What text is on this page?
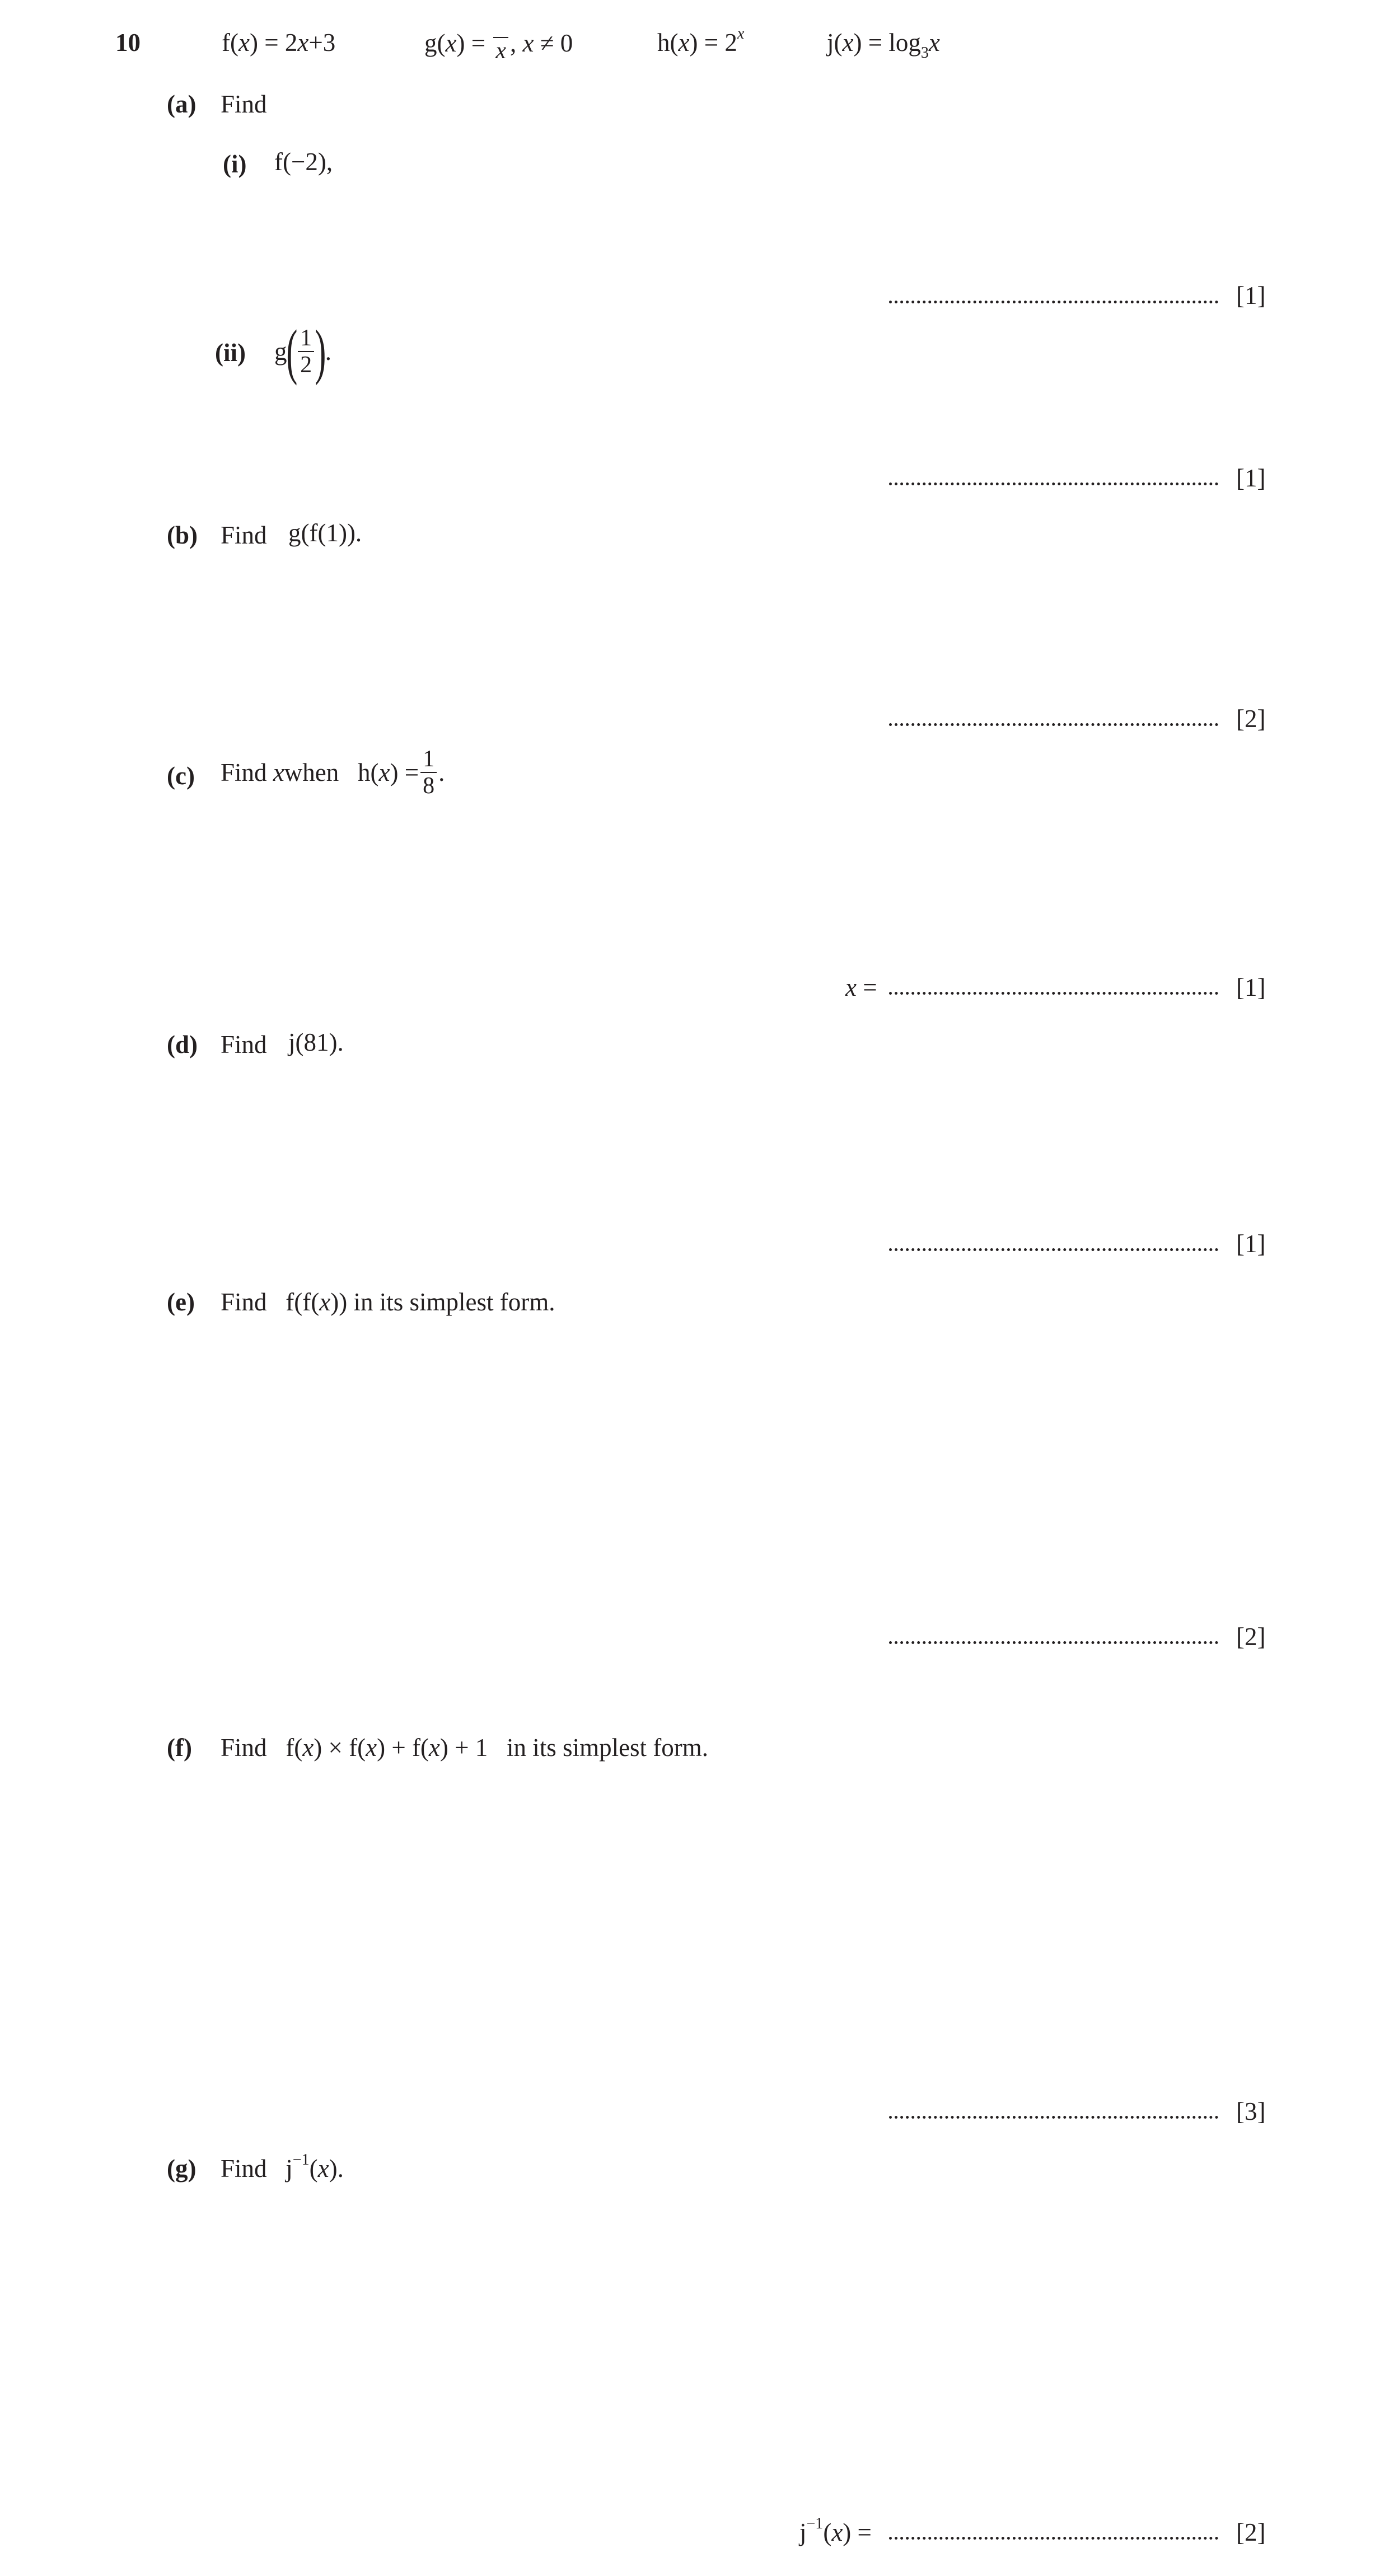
10	f(x) = 2x+3	g(x) = x , x ≠ 0	$h(x) = 2^x$	$j(x) = \log_3x$
(a) Find
(i) f(−2),
[1]
(ii) g
( $\frac{1}{2}$ )
.
[1]
(b) Find g(f(1)).
[2]
(c) Find
x when
h( x ) = $\frac{1}{8}$ .
x =	[1]
(d) Find j(81).
[1]
(e) Find f(f(x)) in its simplest form.
[2]
(f) Find f(x) × f(x) + f(x) + 1 in its simplest form.
[3]
(g) Find $j^{-1}(x)$.
$j^{-1}(x)$ =	[2]
